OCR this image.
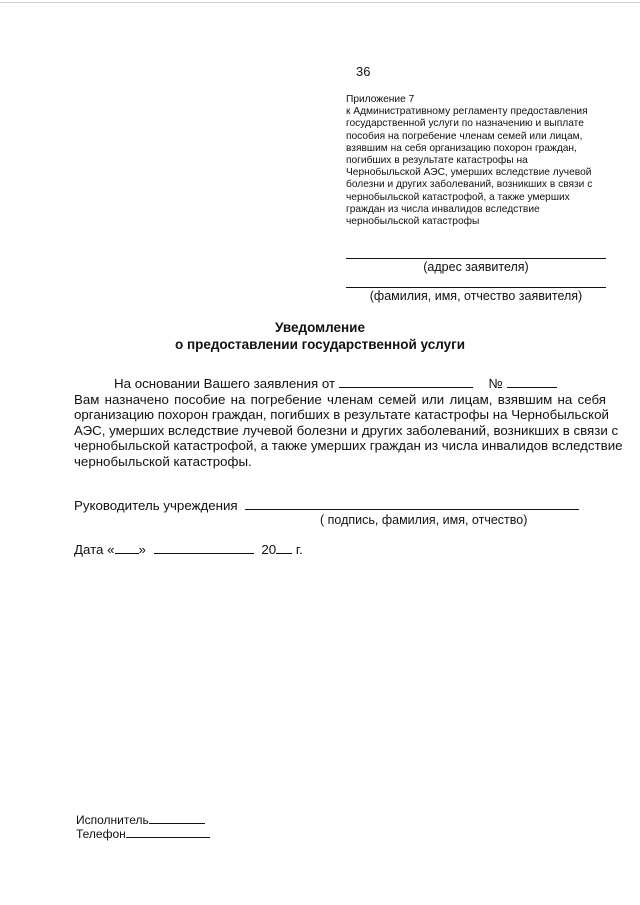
36
Приложение 7
к Административному регламенту предоставления
государственной услуги по назначению и выплате
пособия на погребение членам семей или лицам,
взявшим на себя организацию похорон граждан,
погибших в результате катастрофы на
Чернобыльской АЭС, умерших вследствие лучевой
болезни и других заболеваний, возникших в связи с
чернобыльской катастрофой, а также умерших
граждан из числа инвалидов вследствие
чернобыльской катастрофы
(адрес заявителя)
(фамилия, имя, отчество заявителя)
Уведомление
о предоставлении государственной услуги
На основании Вашего заявления от	№
Вам назначено пособие на погребение членам семей или лицам, взявшим на себя
организацию похорон граждан, погибших в результате катастрофы на Чернобыльской
АЭС, умерших вследствие лучевой болезни и других заболеваний, возникших в связи с
чернобыльской катастрофой, а также умерших граждан из числа инвалидов вследствие
чернобыльской катастрофы.
Руководитель учреждения
( подпись, фамилия, имя, отчество)
Дата « »	20 г.
Исполнитель
Телефон
